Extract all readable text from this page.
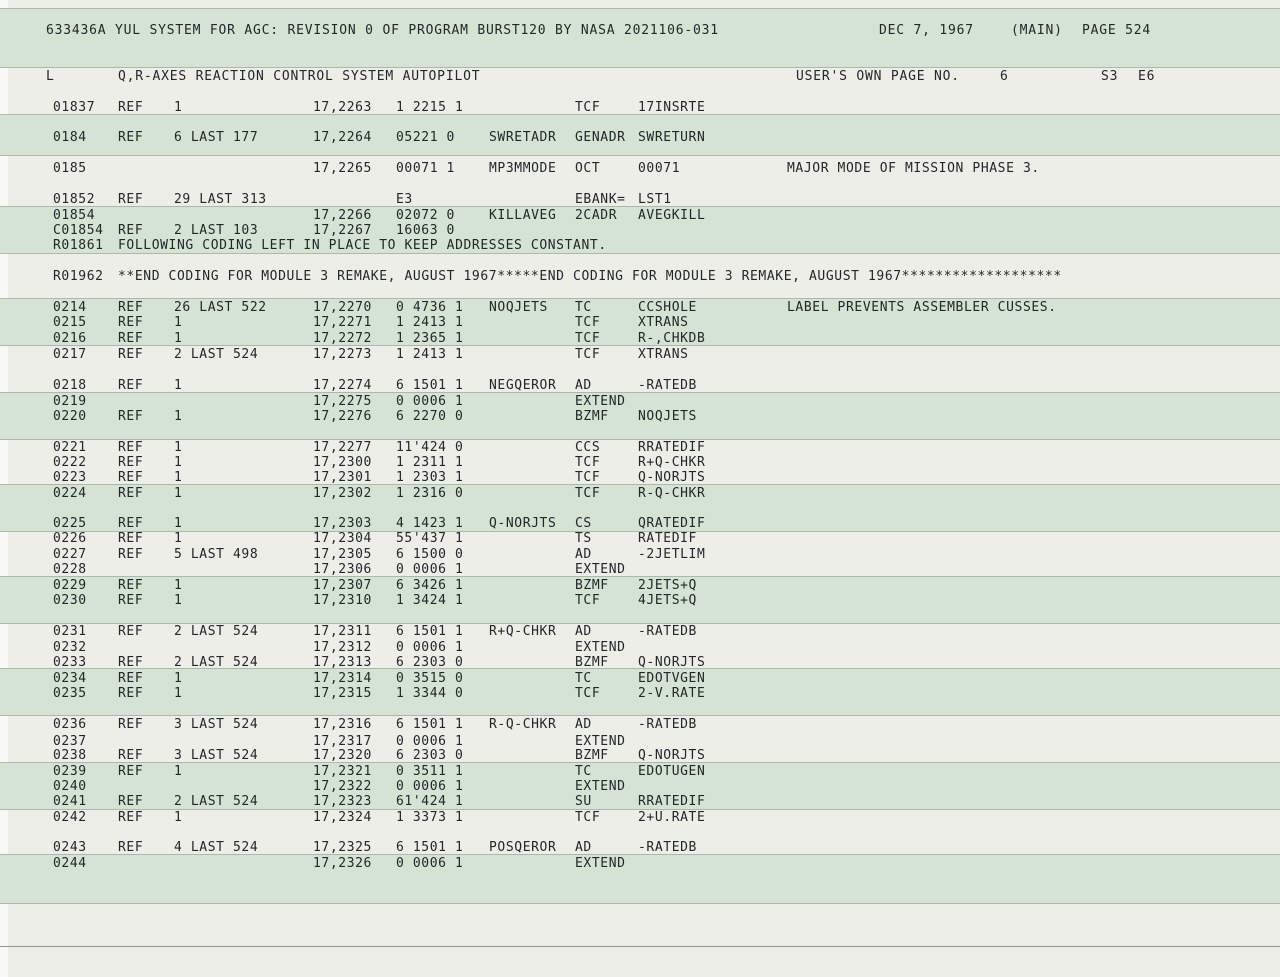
633436A YUL SYSTEM FOR AGC: REVISION 0 OF PROGRAM BURST120 BY NASA 2021106-031	DEC 7, 1967	(MAIN) PAGE 524
L	Q,R-AXES REACTION CONTROL SYSTEM AUTOPILOT	USER'S OWN PAGE NO.	6	S3 E6
01837 REF 1	17,2263 1 2215 1	TCF	17INSRTE
0184 REF 6 LAST 177	17,2264 05221 0	SWRETADR GENADR SWRETURN
0185	17,2265 00071 1	MP3MMODE OCT	00071	MAJOR MODE OF MISSION PHASE 3.
01852 REF 29 LAST 313	E3	EBANK= LST1
01854	17,2266 02072 0	KILLAVEG 2CADR AVEGKILL
C01854 REF 2 LAST 103	17,2267 16063 0
R01861 FOLLOWING CODING LEFT IN PLACE TO KEEP ADDRESSES CONSTANT.
R01962 **END CODING FOR MODULE 3 REMAKE, AUGUST 1967*****END CODING FOR MODULE 3 REMAKE, AUGUST 1967*******************
0214 REF 26 LAST 522	17,2270 0 4736 1 NOQJETS TC	CCSHOLE	LABEL PREVENTS ASSEMBLER CUSSES.
0215 REF 1	17,2271 1 2413 1	TCF	XTRANS
0216 REF 1	17,2272 1 2365 1	TCF	R-,CHKDB
0217 REF 2 LAST 524	17,2273 1 2413 1	TCF	XTRANS
0218 REF 1	17,2274 6 1501 1 NEGQEROR AD	-RATEDB
0219	17,2275 0 0006 1	EXTEND
0220 REF 1	17,2276 6 2270 0	BZMF NOQJETS
0221 REF 1	17,2277 11'424 0	CCS	RRATEDIF
0222 REF 1	17,2300 1 2311 1	TCF	R+Q-CHKR
0223 REF 1	17,2301 1 2303 1	TCF	Q-NORJTS
0224 REF 1	17,2302 1 2316 0	TCF	R-Q-CHKR
0225 REF 1	17,2303 4 1423 1 Q-NORJTS CS	QRATEDIF
0226 REF 1	17,2304 55'437 1	TS	RATEDIF
0227 REF 5 LAST 498	17,2305 6 1500 0	AD	-2JETLIM
0228	17,2306 0 0006 1	EXTEND
0229 REF 1	17,2307 6 3426 1	BZMF 2JETS+Q
0230 REF 1	17,2310 1 3424 1	TCF	4JETS+Q
0231 REF 2 LAST 524	17,2311 6 1501 1 R+Q-CHKR AD	-RATEDB
0232	17,2312 0 0006 1	EXTEND
0233 REF 2 LAST 524	17,2313 6 2303 0	BZMF Q-NORJTS
0234 REF 1	17,2314 0 3515 0	TC	EDOTVGEN
0235 REF 1	17,2315 1 3344 0	TCF	2-V.RATE
0236 REF 3 LAST 524	17,2316 6 1501 1 R-Q-CHKR AD	-RATEDB
0237	17,2317 0 0006 1	EXTEND
0238 REF 3 LAST 524	17,2320 6 2303 0	BZMF Q-NORJTS
0239 REF 1	17,2321 0 3511 1	TC	EDOTUGEN
0240	17,2322 0 0006 1	EXTEND
0241 REF 2 LAST 524	17,2323 61'424 1	SU	RRATEDIF
0242 REF 1	17,2324 1 3373 1	TCF	2+U.RATE
0243 REF 4 LAST 524	17,2325 6 1501 1 POSQEROR AD	-RATEDB
0244	17,2326 0 0006 1	EXTEND
